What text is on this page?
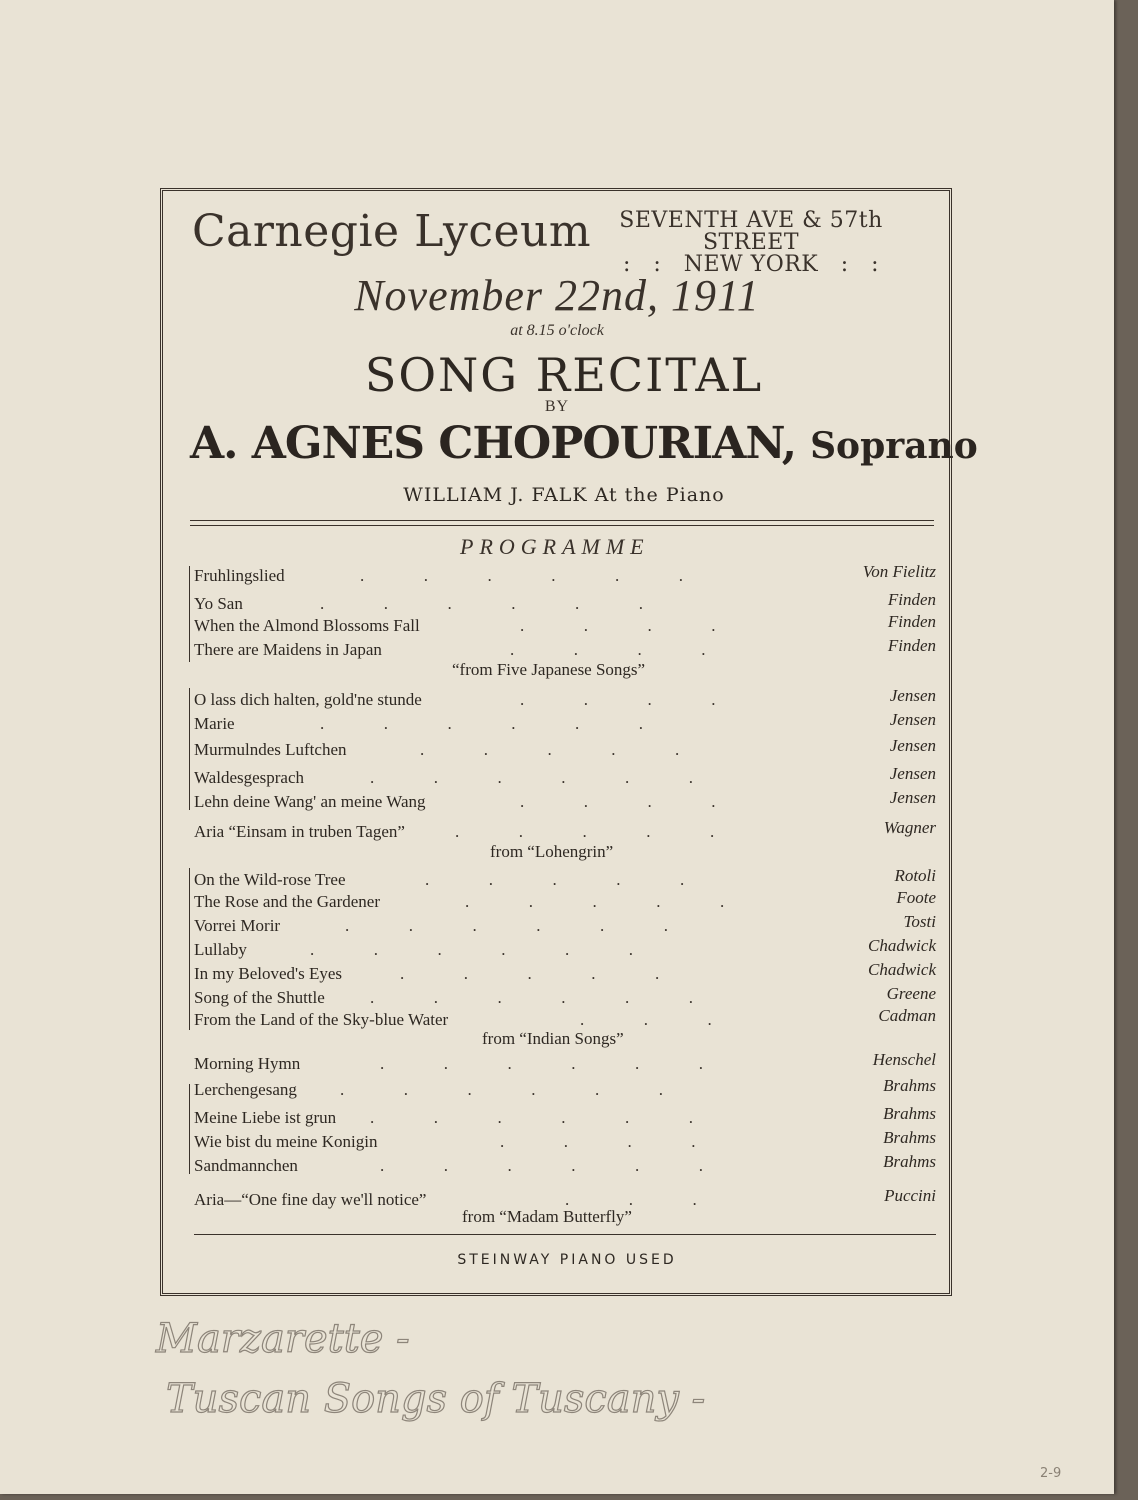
Carnegie Lyceum	SEVENTH AVE & 57th STREET
:   :   NEW YORK   :   :
November 22nd, 1911
at 8.15 o'clock
SONG RECITAL
BY
A. AGNES CHOPOURIAN, Soprano
WILLIAM J. FALK At the Piano
PROGRAMME
Fruhlingslied	.    .    .    .    .    .	Von Fielitz
Yo San	.    .    .    .    .    .	Finden
When the Almond Blossoms Fall	.    .    .    .	Finden
There are Maidens in Japan	.    .    .    .	Finden
O lass dich halten, gold'ne stunde	.    .    .    .	Jensen
Marie	.    .    .    .    .    .	Jensen
Murmulndes Luftchen	.    .    .    .    .	Jensen
Waldesgesprach	.    .    .    .    .    .	Jensen
Lehn deine Wang' an meine Wang	.    .    .    .	Jensen
Aria “Einsam in truben Tagen”	.    .    .    .    .	Wagner
On the Wild-rose Tree	.    .    .    .    .	Rotoli
The Rose and the Gardener	.    .    .    .    .	Foote
Vorrei Morir	.    .    .    .    .    .	Tosti
Lullaby	.    .    .    .    .    .	Chadwick
In my Beloved's Eyes	.    .    .    .    .	Chadwick
Song of the Shuttle	.    .    .    .    .    .	Greene
From the Land of the Sky-blue Water	.    .    .	Cadman
Morning Hymn	.    .    .    .    .    .	Henschel
Lerchengesang	.    .    .    .    .    .	Brahms
Meine Liebe ist grun .    .    .    .    .    .	Brahms
Wie bist du meine Konigin	.    .    .    .	Brahms
Sandmannchen	.    .    .    .    .    .	Brahms
Aria—“One fine day we'll notice”	.    .    .	Puccini
“from Five Japanese Songs”
from “Lohengrin”
from “Indian Songs”
from “Madam Butterfly”
STEINWAY PIANO USED
Marzarette -
Tuscan Songs of Tuscany -
2-9
